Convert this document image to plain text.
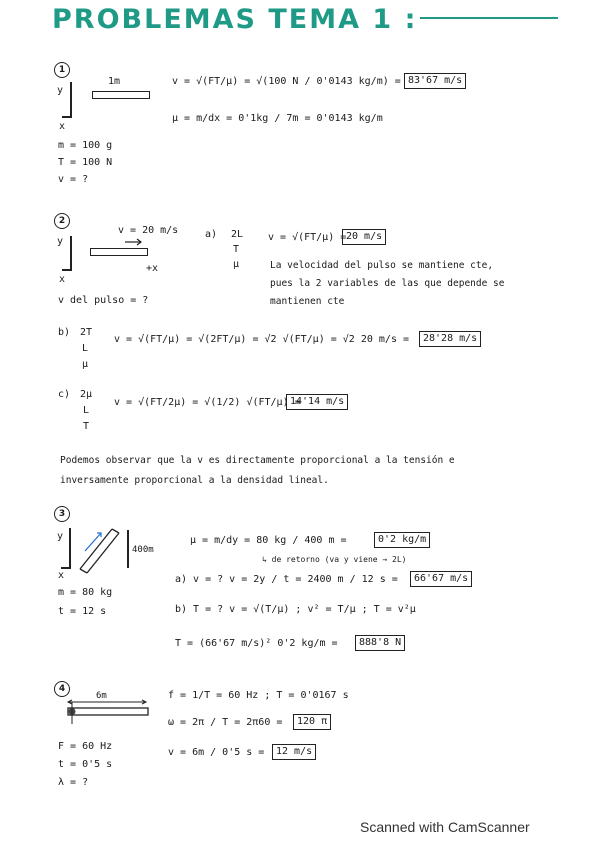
PROBLEMAS TEMA 1 :
1
y
x
1m	v = √(FT/μ) = √(100 N / 0'0143 kg/m) = 83'67 m/s
μ = m/dx = 0'1kg / 7m = 0'0143 kg/m
m = 100 g
T = 100 N
v = ?
2
y
x
v = 20 m/s
+x
v del pulso = ?
a) 2L
T
μ
v = √(FT/μ) = 20 m/s
La velocidad del pulso se mantiene cte,
pues la 2 variables de las que depende se
mantienen cte
b) 2T
L
μ
v = √(FT/μ) = √(2FT/μ) = √2 √(FT/μ) = √2 20 m/s =	28'28 m/s
c) 2μ
L
T
v = √(FT/2μ) = √(1/2) √(FT/μ) =
14'14 m/s
Podemos observar que la v es directamente proporcional a la tensión e
inversamente proporcional a la densidad lineal.
3
y
x
400m
m = 80 kg
t = 12 s
μ = m/dy = 80 kg / 400 m =	0'2 kg/m
↳ de retorno (va y viene → 2L)
a) v = ? v = 2y / t = 2400 m / 12 s =	66'67 m/s
b) T = ? v = √(T/μ) ; v² = T/μ ; T = v²μ
T = (66'67 m/s)² 0'2 kg/m =	888'8 N
4
6m
F = 60 Hz
t = 0'5 s
λ = ?
f = 1/T = 60 Hz ; T = 0'0167 s
ω = 2π / T = 2π60 =	120 π
v = 6m / 0'5 s =	12 m/s
Scanned with CamScanner
